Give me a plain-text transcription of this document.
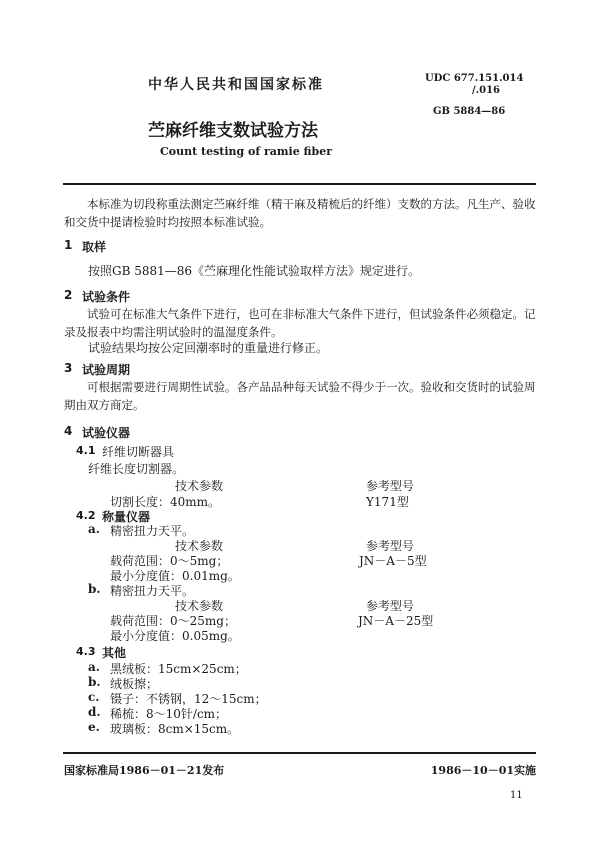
中华人民共和国国家标准	UDC 677.151.014
/.016
GB 5884—86
苎麻纤维支数试验方法
Count testing of ramie fiber
本标准为切段称重法测定苎麻纤维（精干麻及精梳后的纤维）支数的方法。凡生产、验收和交货中提请检验时均按照本标准试验。
1 取样
按照GB 5881—86《苎麻理化性能试验取样方法》规定进行。
2 试验条件
试验可在标准大气条件下进行，也可在非标准大气条件下进行，但试验条件必须稳定。记录及报表中均需注明试验时的温湿度条件。
试验结果均按公定回潮率时的重量进行修正。
3 试验周期
可根据需要进行周期性试验。各产品品种每天试验不得少于一次。验收和交货时的试验周期由双方商定。
4 试验仪器
4.1 纤维切断器具
纤维长度切割器。
技术参数	参考型号
切割长度：40mm。	Y171型
4.2 称量仪器
a. 精密扭力天平。
技术参数	参考型号
载荷范围：0～5mg；	JN－A－5型
最小分度值：0.01mg。
b. 精密扭力天平。
技术参数	参考型号
载荷范围：0～25mg；	JN－A－25型
最小分度值：0.05mg。
4.3 其他
a. 黑绒板：15cm×25cm；
b. 绒板擦；
c. 镊子：不锈钢，12～15cm；
d. 稀梳：8～10针/cm；
e. 玻璃板：8cm×15cm。
国家标准局1986－01－21发布	1986－10－01实施
11
